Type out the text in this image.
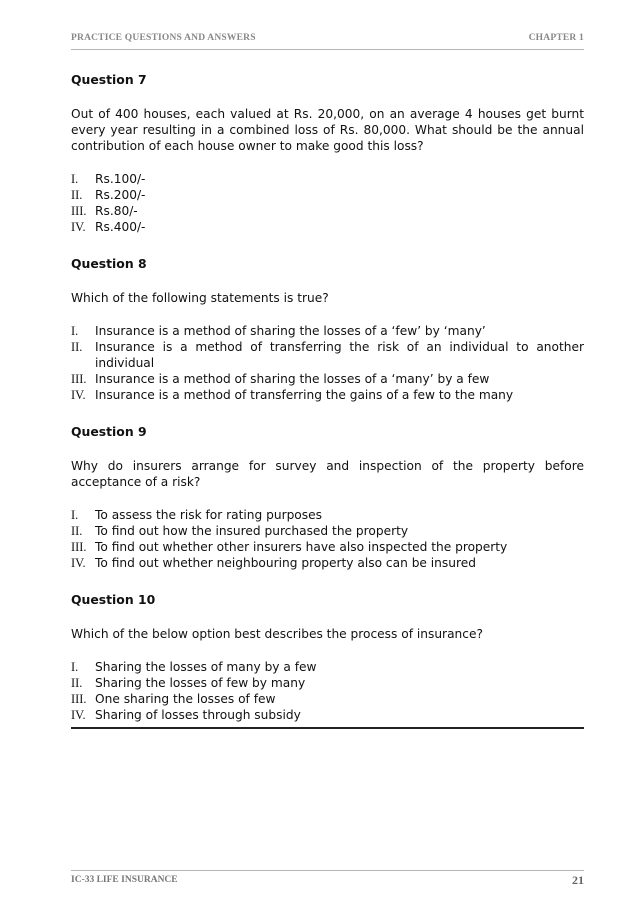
PRACTICE QUESTIONS AND ANSWERS	CHAPTER 1

Question 7

Out of 400 houses, each valued at Rs. 20,000, on an average 4 houses get burnt every year resulting in a combined loss of Rs. 80,000. What should be the annual contribution of each house owner to make good this loss?

I. Rs.100/-
II. Rs.200/-
III. Rs.80/-
IV. Rs.400/-

Question 8

Which of the following statements is true?

I. Insurance is a method of sharing the losses of a ‘few’ by ‘many’
II. Insurance is a method of transferring the risk of an individual to another individual
III. Insurance is a method of sharing the losses of a ‘many’ by a few
IV. Insurance is a method of transferring the gains of a few to the many

Question 9

Why do insurers arrange for survey and inspection of the property before acceptance of a risk?

I. To assess the risk for rating purposes
II. To find out how the insured purchased the property
III. To find out whether other insurers have also inspected the property
IV. To find out whether neighbouring property also can be insured

Question 10

Which of the below option best describes the process of insurance?

I. Sharing the losses of many by a few
II. Sharing the losses of few by many
III. One sharing the losses of few
IV. Sharing of losses through subsidy
IC-33 LIFE INSURANCE	21
